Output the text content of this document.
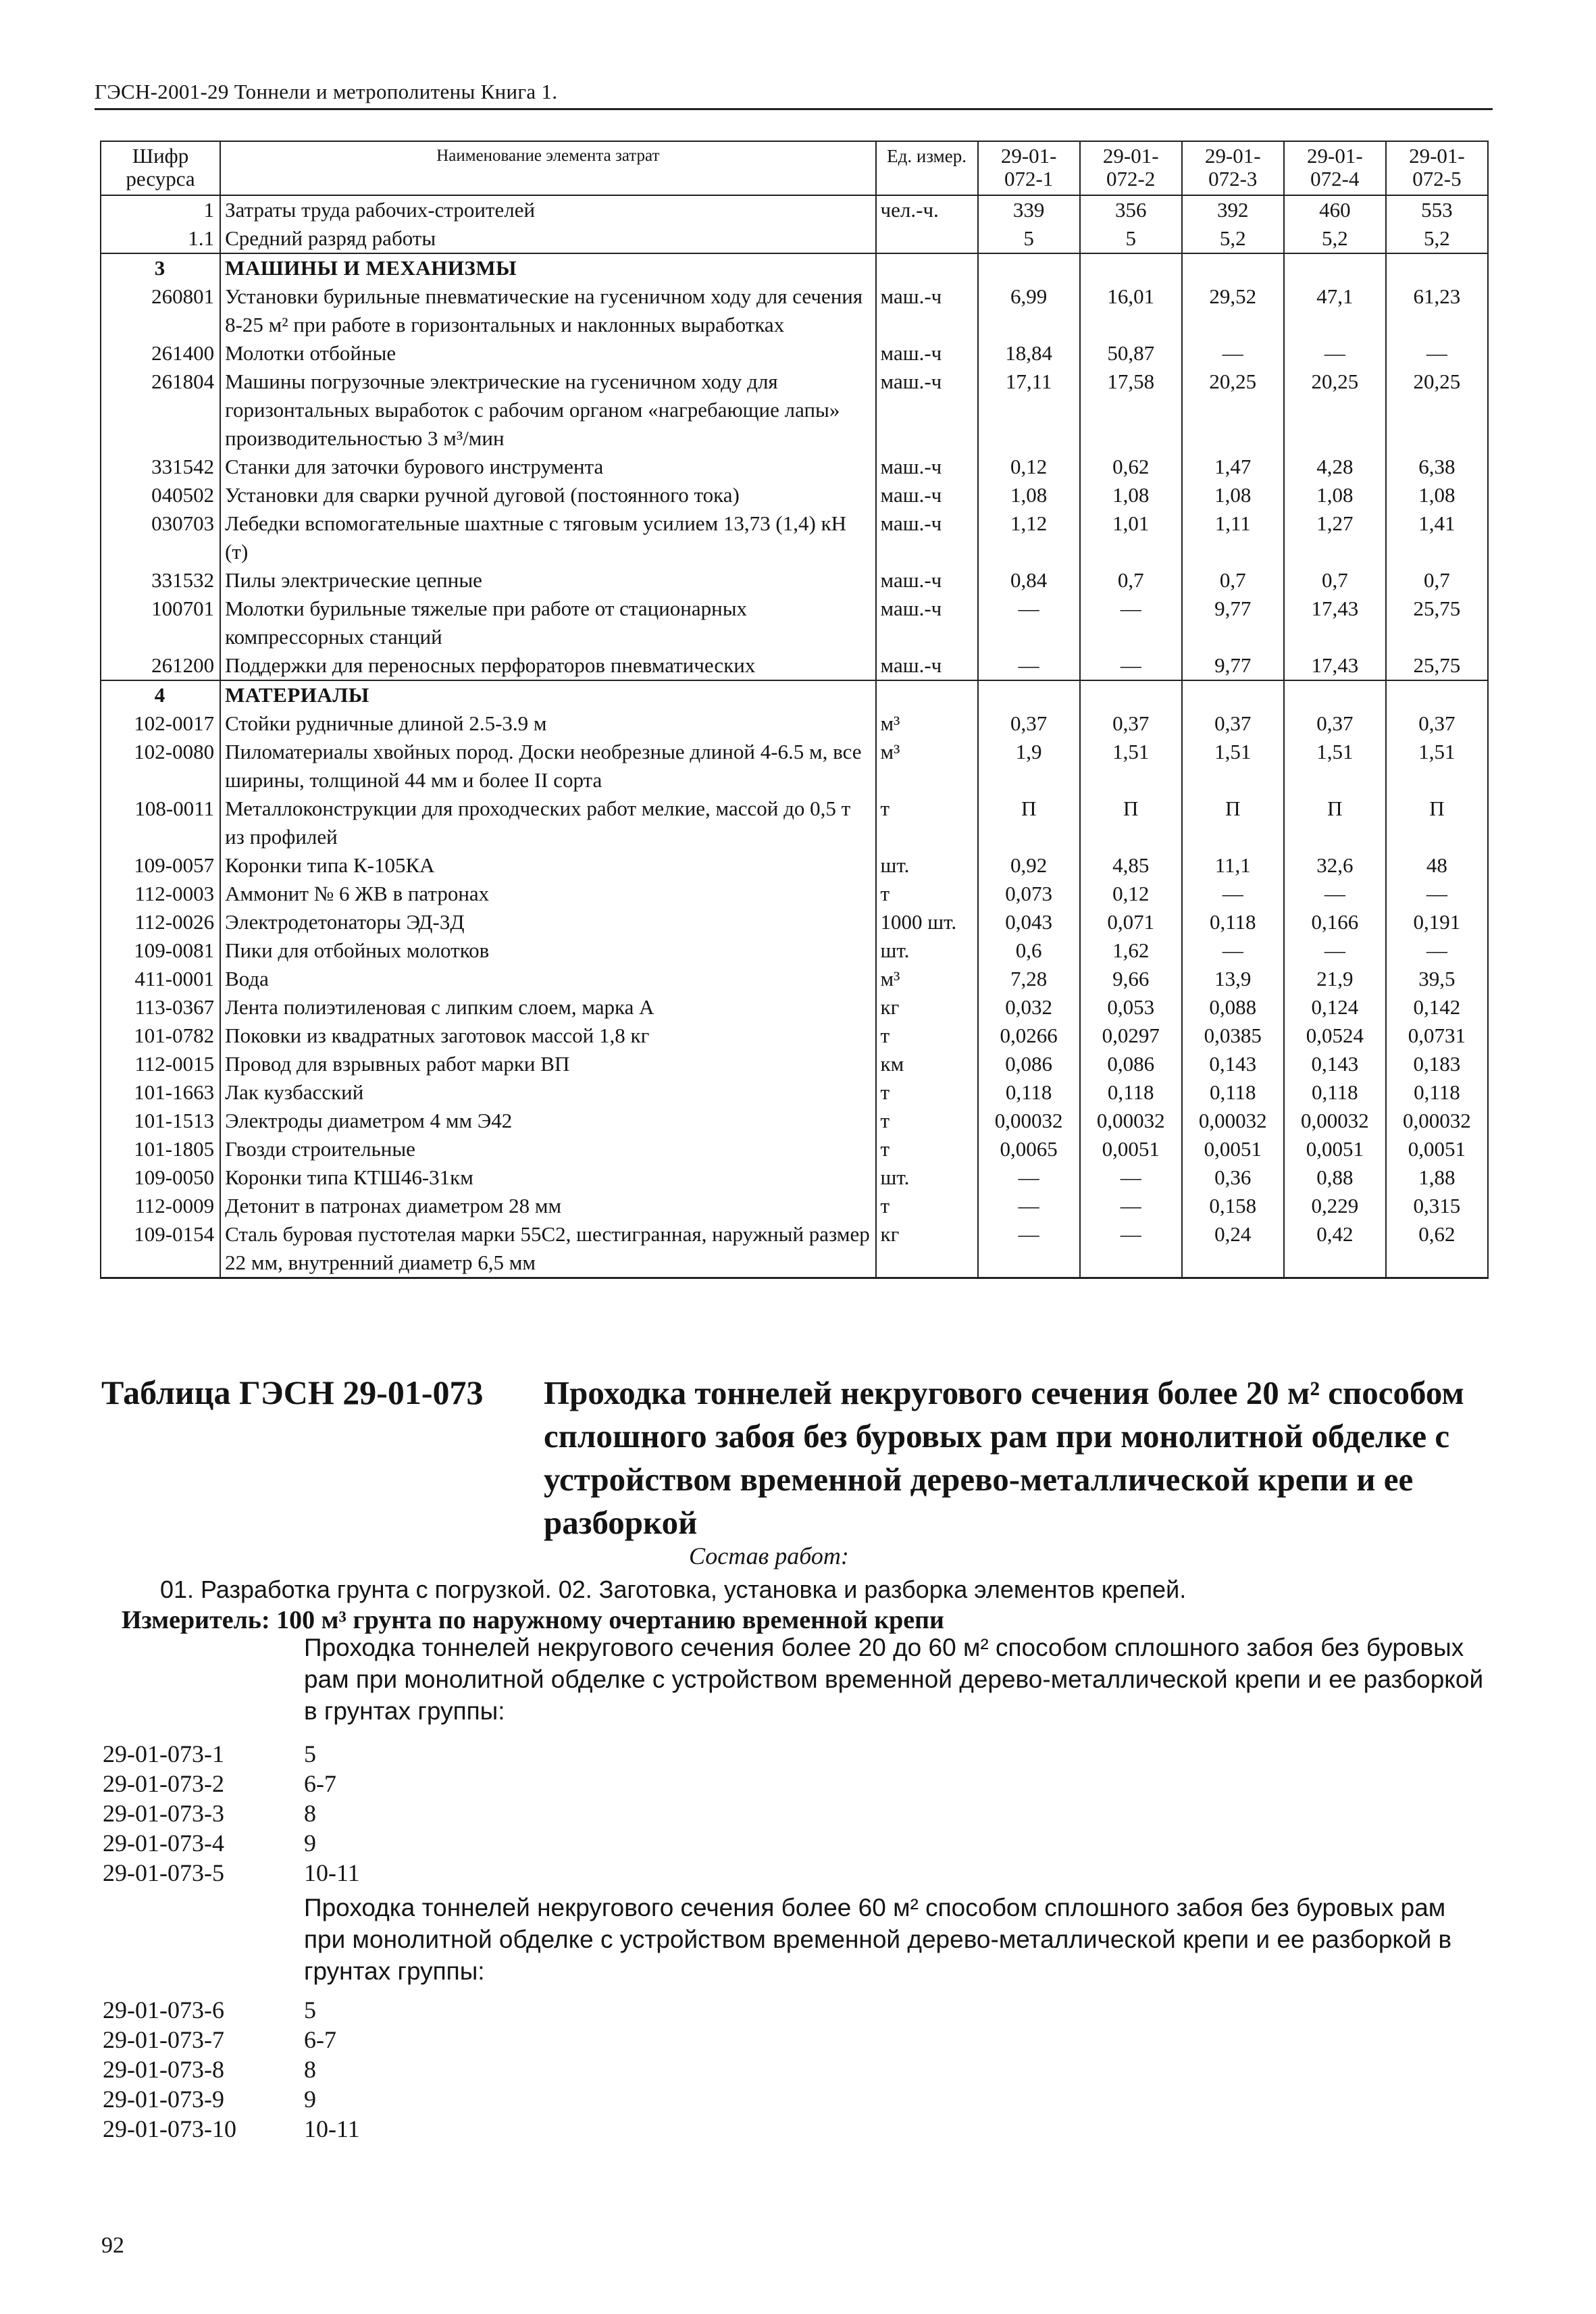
ГЭСН-2001-29 Тоннели и метрополитены Книга 1.
Шифр ресурса	Наименование элемента затрат	Ед. измер.	29-01-072-1	29-01-072-2	29-01-072-3	29-01-072-4	29-01-072-5
1	Затраты труда рабочих-строителей	чел.-ч.	339	356	392	460	553
1.1	Средний разряд работы		5	5	5,2	5,2	5,2
3	МАШИНЫ И МЕХАНИЗМЫ						
260801	Установки бурильные пневматические на гусеничном ходу для сечения 8-25 м² при работе в горизонтальных и наклонных выработках	маш.-ч	6,99	16,01	29,52	47,1	61,23
261400	Молотки отбойные	маш.-ч	18,84	50,87	—	—	—
261804	Машины погрузочные электрические на гусеничном ходу для горизонтальных выработок с рабочим органом «нагребающие лапы» производительностью 3 м³/мин	маш.-ч	17,11	17,58	20,25	20,25	20,25
331542	Станки для заточки бурового инструмента	маш.-ч	0,12	0,62	1,47	4,28	6,38
040502	Установки для сварки ручной дуговой (постоянного тока)	маш.-ч	1,08	1,08	1,08	1,08	1,08
030703	Лебедки вспомогательные шахтные с тяговым усилием 13,73 (1,4) кН (т)	маш.-ч	1,12	1,01	1,11	1,27	1,41
331532	Пилы электрические цепные	маш.-ч	0,84	0,7	0,7	0,7	0,7
100701	Молотки бурильные тяжелые при работе от стационарных компрессорных станций	маш.-ч	—	—	9,77	17,43	25,75
261200	Поддержки для переносных перфораторов пневматических	маш.-ч	—	—	9,77	17,43	25,75
4	МАТЕРИАЛЫ						
102-0017	Стойки рудничные длиной 2.5-3.9 м	м³	0,37	0,37	0,37	0,37	0,37
102-0080	Пиломатериалы хвойных пород. Доски необрезные длиной 4-6.5 м, все ширины, толщиной 44 мм и более II сорта	м³	1,9	1,51	1,51	1,51	1,51
108-0011	Металлоконструкции для проходческих работ мелкие, массой до 0,5 т из профилей	т	П	П	П	П	П
109-0057	Коронки типа К-105КА	шт.	0,92	4,85	11,1	32,6	48
112-0003	Аммонит № 6 ЖВ в патронах	т	0,073	0,12	—	—	—
112-0026	Электродетонаторы ЭД-3Д	1000 шт.	0,043	0,071	0,118	0,166	0,191
109-0081	Пики для отбойных молотков	шт.	0,6	1,62	—	—	—
411-0001	Вода	м³	7,28	9,66	13,9	21,9	39,5
113-0367	Лента полиэтиленовая с липким слоем, марка А	кг	0,032	0,053	0,088	0,124	0,142
101-0782	Поковки из квадратных заготовок массой 1,8 кг	т	0,0266	0,0297	0,0385	0,0524	0,0731
112-0015	Провод для взрывных работ марки ВП	км	0,086	0,086	0,143	0,143	0,183
101-1663	Лак кузбасский	т	0,118	0,118	0,118	0,118	0,118
101-1513	Электроды диаметром 4 мм Э42	т	0,00032	0,00032	0,00032	0,00032	0,00032
101-1805	Гвозди строительные	т	0,0065	0,0051	0,0051	0,0051	0,0051
109-0050	Коронки типа КТШ46-31км	шт.	—	—	0,36	0,88	1,88
112-0009	Детонит в патронах диаметром 28 мм	т	—	—	0,158	0,229	0,315
109-0154	Сталь буровая пустотелая марки 55С2, шестигранная, наружный размер 22 мм, внутренний диаметр 6,5 мм	кг	—	—	0,24	0,42	0,62
Таблица ГЭСН 29-01-073 Проходка тоннелей некругового сечения более 20 м² способом сплошного забоя без буровых рам при монолитной обделке с устройством временной дерево-металлической крепи и ее разборкой
Состав работ:
01. Разработка грунта с погрузкой. 02. Заготовка, установка и разборка элементов крепей.
Измеритель: 100 м³ грунта по наружному очертанию временной крепи
Проходка тоннелей некругового сечения более 20 до 60 м² способом сплошного забоя без буровых рам при монолитной обделке с устройством временной дерево-металлической крепи и ее разборкой в грунтах группы:
29-01-073-1	5
29-01-073-2	6-7
29-01-073-3	8
29-01-073-4	9
29-01-073-5	10-11
Проходка тоннелей некругового сечения более 60 м² способом сплошного забоя без буровых рам при монолитной обделке с устройством временной дерево-металлической крепи и ее разборкой в грунтах группы:
29-01-073-6	5
29-01-073-7	6-7
29-01-073-8	8
29-01-073-9	9
29-01-073-10	10-11
92
